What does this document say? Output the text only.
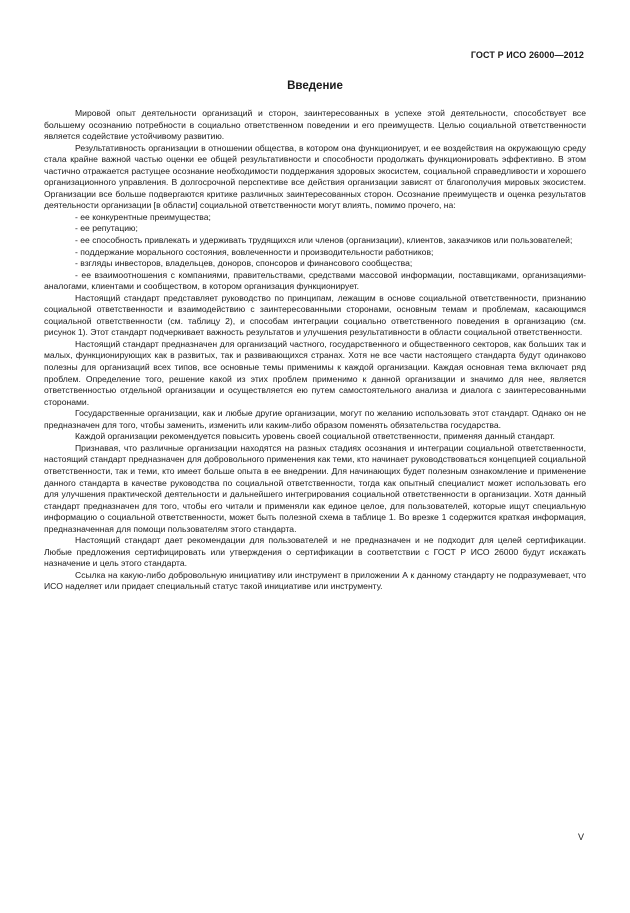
ГОСТ Р ИСО 26000—2012
Введение

Мировой опыт деятельности организаций и сторон, заинтересованных в успехе этой деятельности, способствует все большему осознанию потребности в социально ответственном поведении и его преимуществ. Целью социальной ответственности является содействие устойчивому развитию.

Результативность организации в отношении общества, в котором она функционирует, и ее воздействия на окружающую среду стала крайне важной частью оценки ее общей результативности и способности продолжать функционировать эффективно. В этом частично отражается растущее осознание необходимости поддержания здоровых экосистем, социальной справедливости и хорошего организационного управления. В долгосрочной перспективе все действия организации зависят от благополучия мировых экосистем. Организации все больше подвергаются критике различных заинтересованных сторон. Осознание преимуществ и оценка результатов деятельности организации [в области] социальной ответственности могут влиять, помимо прочего, на:

- ее конкурентные преимущества;

- ее репутацию;

- ее способность привлекать и удерживать трудящихся или членов (организации), клиентов, заказчиков или пользователей;

- поддержание морального состояния, вовлеченности и производительности работников;

- взгляды инвесторов, владельцев, доноров, спонсоров и финансового сообщества;

- ее взаимоотношения с компаниями, правительствами, средствами массовой информации, поставщиками, организациями-аналогами, клиентами и сообществом, в котором организация функционирует.

Настоящий стандарт представляет руководство по принципам, лежащим в основе социальной ответственности, признанию социальной ответственности и взаимодействию с заинтересованными сторонами, основным темам и проблемам, касающимся социальной ответственности (см. таблицу 2), и способам интеграции социально ответственного поведения в организацию (см. рисунок 1). Этот стандарт подчеркивает важность результатов и улучшения результативности в области социальной ответственности.

Настоящий стандарт предназначен для организаций частного, государственного и общественного секторов, как больших так и малых, функционирующих как в развитых, так и развивающихся странах. Хотя не все части настоящего стандарта будут одинаково полезны для организаций всех типов, все основные темы применимы к каждой организации. Каждая основная тема включает ряд проблем. Определение того, решение какой из этих проблем применимо к данной организации и значимо для нее, является ответственностью отдельной организации и осуществляется ею путем самостоятельного анализа и диалога с заинтересованными сторонами.

Государственные организации, как и любые другие организации, могут по желанию использовать этот стандарт. Однако он не предназначен для того, чтобы заменить, изменить или каким-либо образом поменять обязательства государства.

Каждой организации рекомендуется повысить уровень своей социальной ответственности, применяя данный стандарт.

Признавая, что различные организации находятся на разных стадиях осознания и интеграции социальной ответственности, настоящий стандарт предназначен для добровольного применения как теми, кто начинает руководствоваться концепцией социальной ответственности, так и теми, кто имеет больше опыта в ее внедрении. Для начинающих будет полезным ознакомление и применение данного стандарта в качестве руководства по социальной ответственности, тогда как опытный специалист может использовать его для улучшения практической деятельности и дальнейшего интегрирования социальной ответственности в организации. Хотя данный стандарт предназначен для того, чтобы его читали и применяли как единое целое, для пользователей, которые ищут специальную информацию о социальной ответственности, может быть полезной схема в таблице 1. Во врезке 1 содержится краткая информация, предназначенная для помощи пользователям этого стандарта.

Настоящий стандарт дает рекомендации для пользователей и не предназначен и не подходит для целей сертификации. Любые предложения сертифицировать или утверждения о сертификации в соответствии с ГОСТ Р ИСО 26000 будут искажать назначение и цель этого стандарта.

Ссылка на какую-либо добровольную инициативу или инструмент в приложении А к данному стандарту не подразумевает, что ИСО наделяет или придает специальный статус такой инициативе или инструменту.

V
